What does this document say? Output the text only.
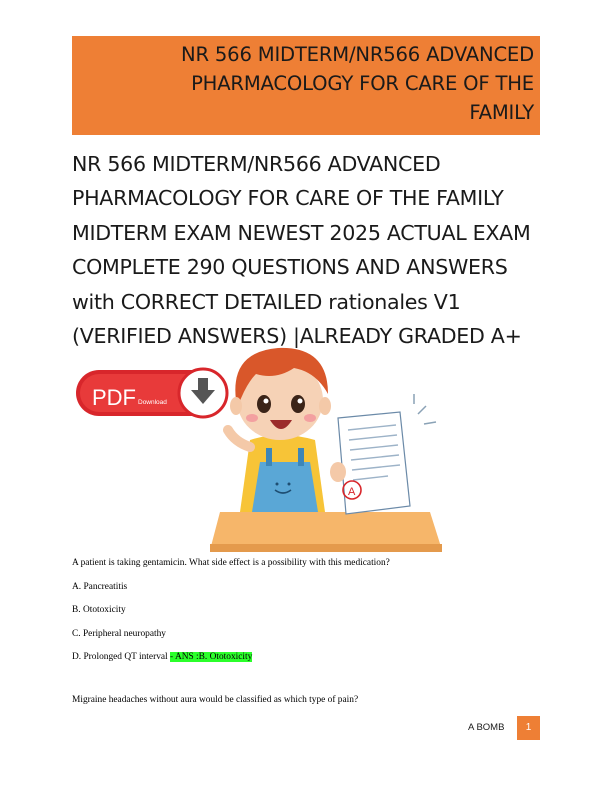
NR 566 MIDTERM/NR566 ADVANCED
PHARMACOLOGY FOR CARE OF THE
FAMILY
NR 566 MIDTERM/NR566 ADVANCED
PHARMACOLOGY FOR CARE OF THE FAMILY
MIDTERM EXAM NEWEST 2025 ACTUAL EXAM
COMPLETE 290 QUESTIONS AND ANSWERS
with CORRECT DETAILED rationales V1
(VERIFIED ANSWERS) |ALREADY GRADED A+
PDF Download
A

A patient is taking gentamicin. What side effect is a possibility with this medication?

A. Pancreatitis

B. Ototoxicity

C. Peripheral neuropathy

D. Prolonged QT interval - ANS :B. Ototoxicity

Migraine headaches without aura would be classified as which type of pain?

A BOMB	1
